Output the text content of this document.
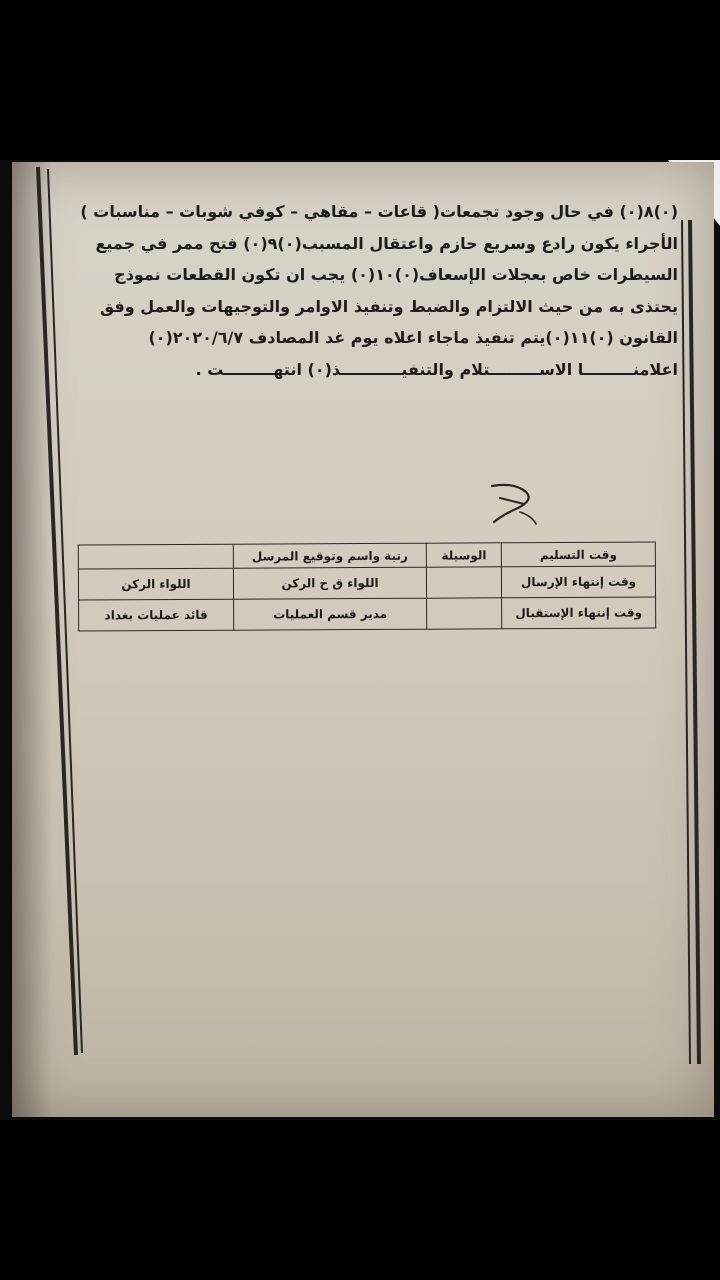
(٠)٨(٠) في حال وجود تجمعات( قاعات – مقاهي – كوفي شوبات – مناسبات )
الأجراء يكون رادع وسريع حازم واعتقال المسبب(٠)٩(٠) فتح ممر في جميع
السيطرات خاص بعجلات الإسعاف(٠)١٠(٠) يجب ان تكون القطعات نموذج
يحتذى به من حيث الالتزام والضبط وتنفيذ الاوامر والتوجيهات والعمل وفق
القانون (٠)١١(٠)يتم تنفيذ ماجاء اعلاه يوم غد المصادف ٢٠٢٠/٦/٧(٠)
اعلامنـــــــــا الاســـــــــتلام والتنفيـــــــــــذ(٠) انتهـــــــــت .
وقت التسليم	الوسيلة	رتبة واسم وتوقيع المرسل	
وقت إنتهاء الإرسال		اللواء ق خ الركن	اللواء الركن
وقت إنتهاء الإستقبال		مدير قسم العمليات	قائد عمليات بغداد
